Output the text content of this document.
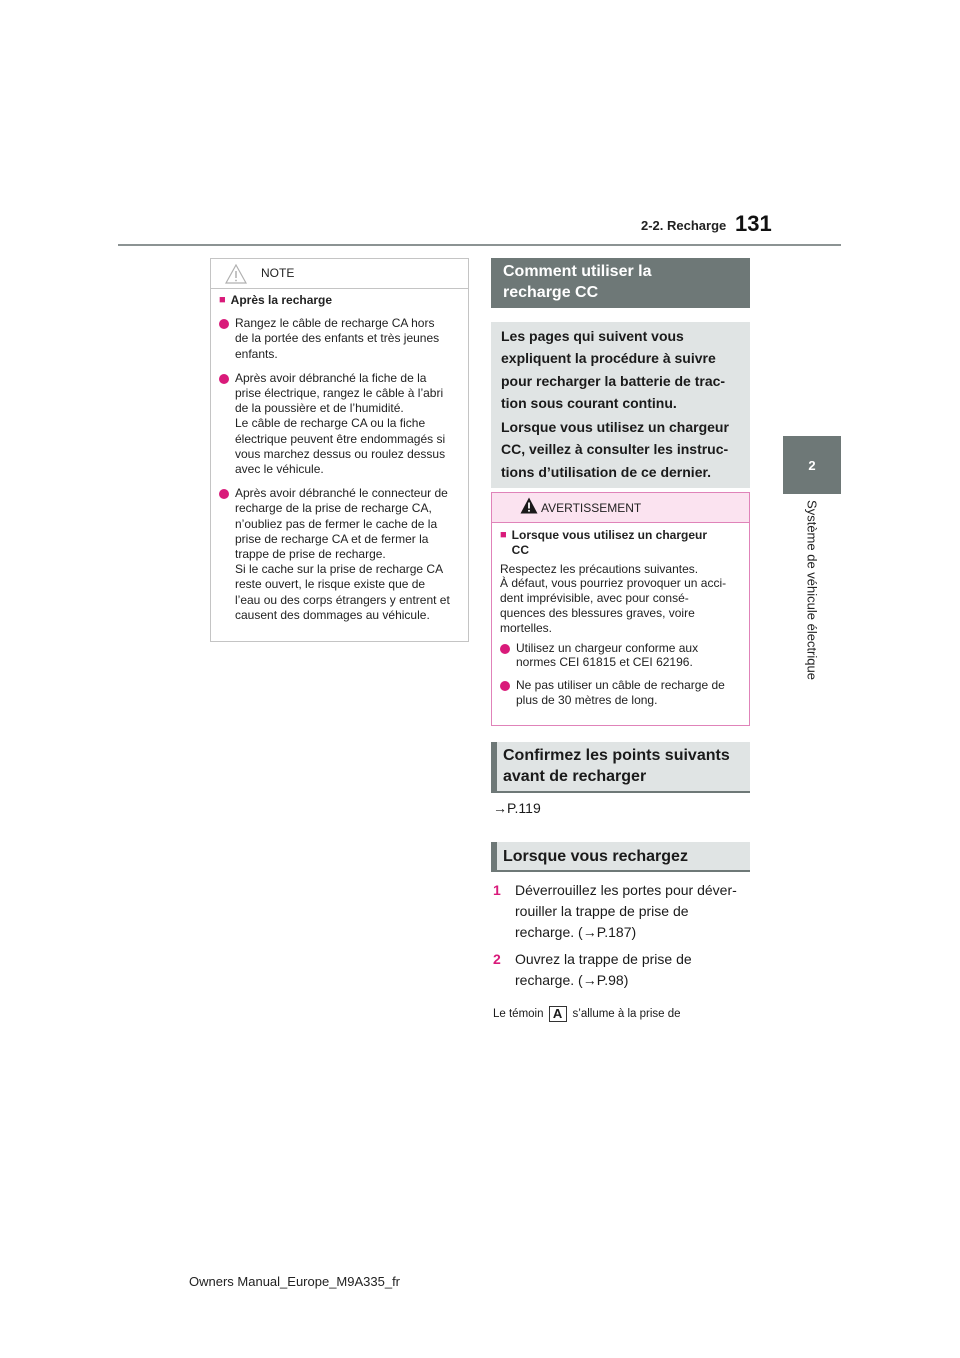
2-2. Recharge 131
2
Système de véhicule électrique
NOTE
■ Après la recharge

Rangez le câble de recharge CA hors
de la portée des enfants et très jeunes
enfants.

Après avoir débranché la fiche de la
prise électrique, rangez le câble à l’abri
de la poussière et de l’humidité.
Le câble de recharge CA ou la fiche
électrique peuvent être endommagés si
vous marchez dessus ou roulez dessus
avec le véhicule.

Après avoir débranché le connecteur de
recharge de la prise de recharge CA,
n’oubliez pas de fermer le cache de la
prise de recharge CA et de fermer la
trappe de prise de recharge.
Si le cache sur la prise de recharge CA
reste ouvert, le risque existe que de
l’eau ou des corps étrangers y entrent et
causent des dommages au véhicule.

Comment utiliser la
recharge CC

Les pages qui suivent vous
expliquent la procédure à suivre
pour recharger la batterie de trac-
tion sous courant continu.

Lorsque vous utilisez un chargeur
CC, veillez à consulter les instruc-
tions d’utilisation de ce dernier.

AVERTISSEMENT
■ Lorsque vous utilisez un chargeur
CC

Respectez les précautions suivantes.
À défaut, vous pourriez provoquer un acci-
dent imprévisible, avec pour consé-
quences des blessures graves, voire
mortelles.

Utilisez un chargeur conforme aux
normes CEI 61815 et CEI 62196.

Ne pas utiliser un câble de recharge de
plus de 30 mètres de long.

Confirmez les points suivants
avant de recharger
→P.119
Lorsque vous rechargez
1	Déverrouillez les portes pour déver-
rouiller la trappe de prise de
recharge. (→P.187)

2	Ouvrez la trappe de prise de
recharge. (→P.98)

Le témoin A s’allume à la prise de
Owners Manual_Europe_M9A335_fr
